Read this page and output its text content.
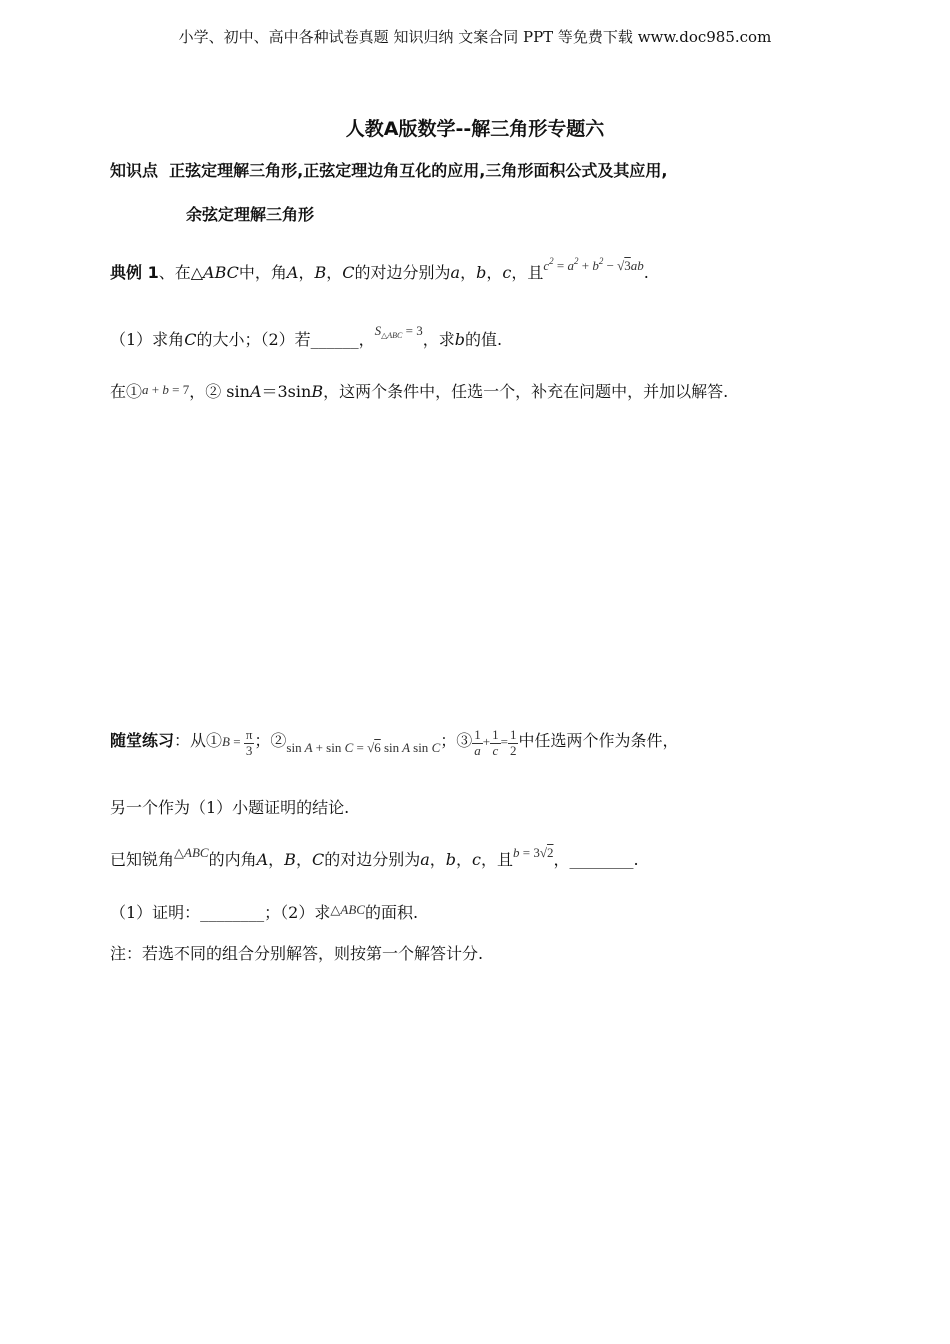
小学、初中、高中各种试卷真题 知识归纳 文案合同 PPT 等免费下载 www.doc985.com
人教A版数学--解三角形专题六
知识点 正弦定理解三角形,正弦定理边角互化的应用,三角形面积公式及其应用,
余弦定理解三角形
典例 1、在△ABC中，角A，B，C的对边分别为a，b，c，且$^{c^2 = a^2 + b^2 - √3ab}$.
（1）求角C的大小；（2）若______，$^{S_{\triangle ABC} = 3}$，求b的值.
在①a + b = 7，② sinA＝3sinB，这两个条件中，任选一个，补充在问题中，并加以解答.
随堂练习：从①B = $\frac{\pi}{3}$ ；$②_{sin A + sin C = √6 sin A sin C}$；③ $\frac{1}{a} + \frac{1}{c} = \frac{1}{2}$ 中任选两个作为条件，
另一个作为（1）小题证明的结论.
已知锐角$^{\triangle ABC}$的内角A，B，C的对边分别为a，b，c，且$^{b = 3√2}$，________.
（1）证明：________；（2）求$^{\triangle ABC}$的面积.
注：若选不同的组合分别解答，则按第一个解答计分.
